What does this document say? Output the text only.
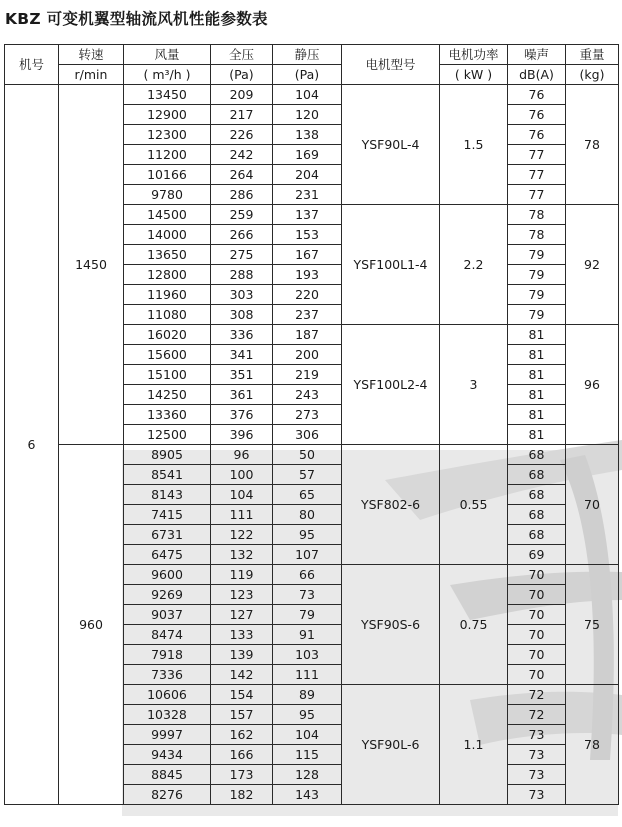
KBZ 可变机翼型轴流风机性能参数表
机号	转速	风量	全压	静压	电机型号	电机功率	噪声	重量
	r/min	( m³/h )	(Pa)	(Pa)		( kW )	dB(A)	(kg)
6	1450	13450	209	104	YSF90L-4	1.5	76	78
		12900	217	120			76	
		12300	226	138			76	
		11200	242	169			77	
		10166	264	204			77	
		9780	286	231			77	
		14500	259	137	YSF100L1-4	2.2	78	92
		14000	266	153			78	
		13650	275	167			79	
		12800	288	193			79	
		11960	303	220			79	
		11080	308	237			79	
		16020	336	187	YSF100L2-4	3	81	96
		15600	341	200			81	
		15100	351	219			81	
		14250	361	243			81	
		13360	376	273			81	
		12500	396	306			81	
	960	8905	96	50	YSF802-6	0.55	68	70
		8541	100	57			68	
		8143	104	65			68	
		7415	111	80			68	
		6731	122	95			68	
		6475	132	107			69	
		9600	119	66	YSF90S-6	0.75	70	75
		9269	123	73			70	
		9037	127	79			70	
		8474	133	91			70	
		7918	139	103			70	
		7336	142	111			70	
		10606	154	89	YSF90L-6	1.1	72	78
		10328	157	95			72	
		9997	162	104			73	
		9434	166	115			73	
		8845	173	128			73	
		8276	182	143			73	
